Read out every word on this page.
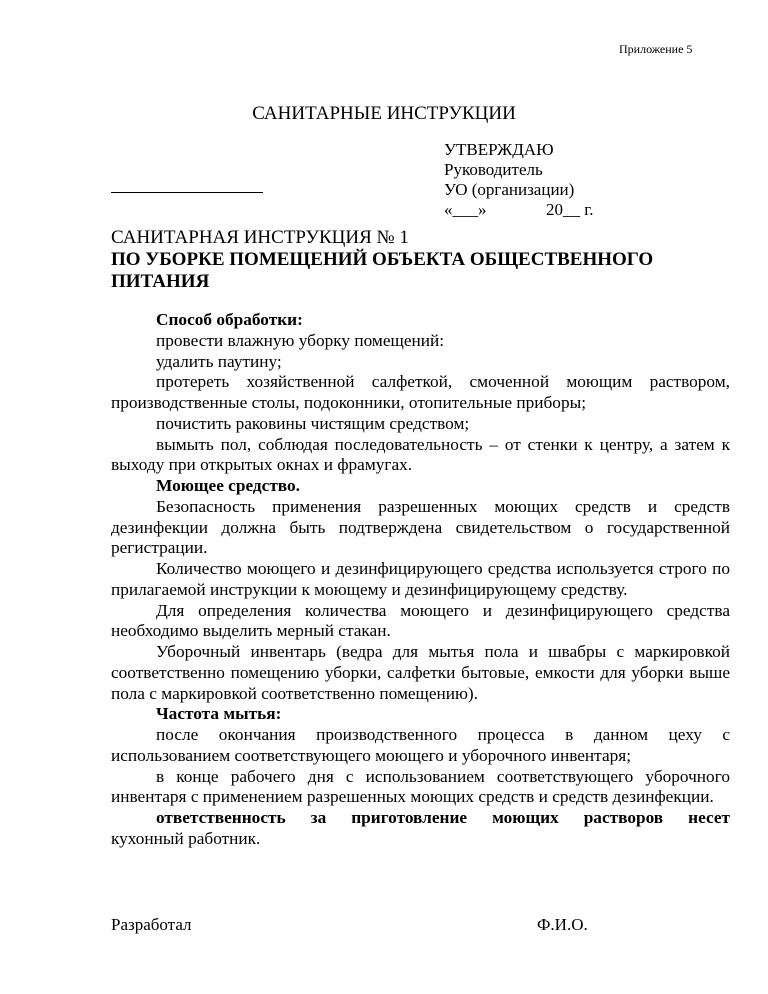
Приложение 5
САНИТАРНЫЕ ИНСТРУКЦИИ
УТВЕРЖДАЮ
Руководитель
УО (организации)
«___»              20__ г.
САНИТАРНАЯ ИНСТРУКЦИЯ № 1
ПО УБОРКЕ ПОМЕЩЕНИЙ ОБЪЕКТА ОБЩЕСТВЕННОГО
ПИТАНИЯ

Способ обработки:

провести влажную уборку помещений:

удалить паутину;

протереть хозяйственной салфеткой, смоченной моющим раствором, производственные столы, подоконники, отопительные приборы;

почистить раковины чистящим средством;

вымыть пол, соблюдая последовательность – от стенки к центру, а затем к выходу при открытых окнах и фрамугах.

Моющее средство.

Безопасность применения разрешенных моющих средств и средств дезинфекции должна быть подтверждена свидетельством о государственной регистрации.

Количество моющего и дезинфицирующего средства используется строго по прилагаемой инструкции к моющему и дезинфицирующему средству.

Для определения количества моющего и дезинфицирующего средства необходимо выделить мерный стакан.

Уборочный инвентарь (ведра для мытья пола и швабры с маркировкой соответственно помещению уборки, салфетки бытовые, емкости для уборки выше пола с маркировкой соответственно помещению).

Частота мытья:

после окончания производственного процесса в данном цеху с использованием соответствующего моющего и уборочного инвентаря;

в конце рабочего дня с использованием соответствующего уборочного инвентаря с применением разрешенных моющих средств и средств дезинфекции.

ответственность за приготовление моющих растворов несет

кухонный работник.

Разработал	Ф.И.О.
